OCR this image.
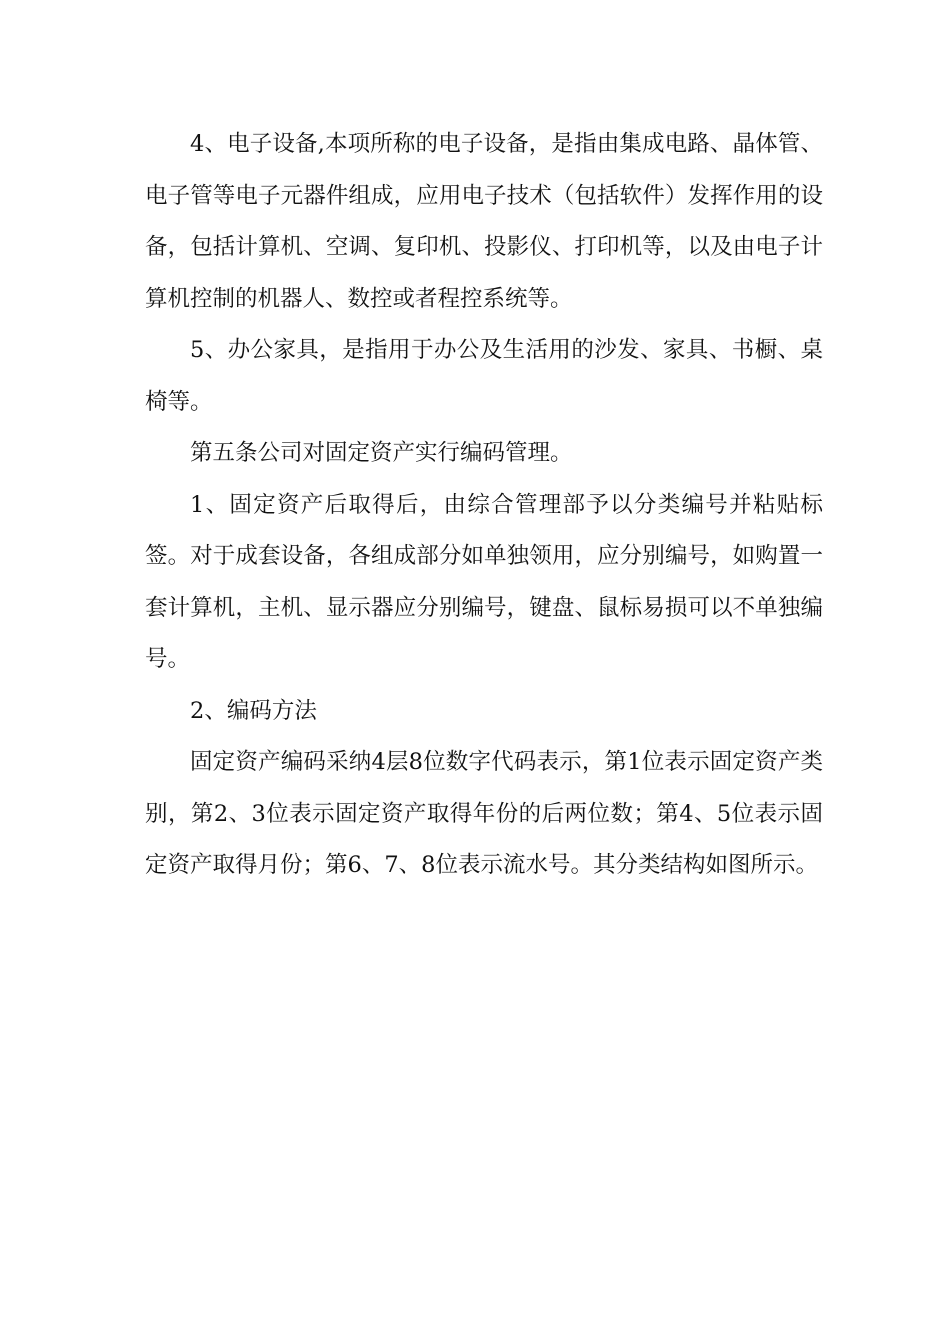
4、电子设备,本项所称的电子设备，是指由集成电路、晶体管、电子管等电子元器件组成，应用电子技术（包括软件）发挥作用的设备，包括计算机、空调、复印机、投影仪、打印机等，以及由电子计算机控制的机器人、数控或者程控系统等。

5、办公家具，是指用于办公及生活用的沙发、家具、书橱、桌椅等。

第五条公司对固定资产实行编码管理。

1、固定资产后取得后，由综合管理部予以分类编号并粘贴标签。对于成套设备，各组成部分如单独领用，应分别编号，如购置一套计算机，主机、显示器应分别编号，键盘、鼠标易损可以不单独编号。

2、编码方法

固定资产编码采纳4层8位数字代码表示，第1位表示固定资产类别，第2、3位表示固定资产取得年份的后两位数；第4、5位表示固定资产取得月份；第6、7、8位表示流水号。其分类结构如图所示。
